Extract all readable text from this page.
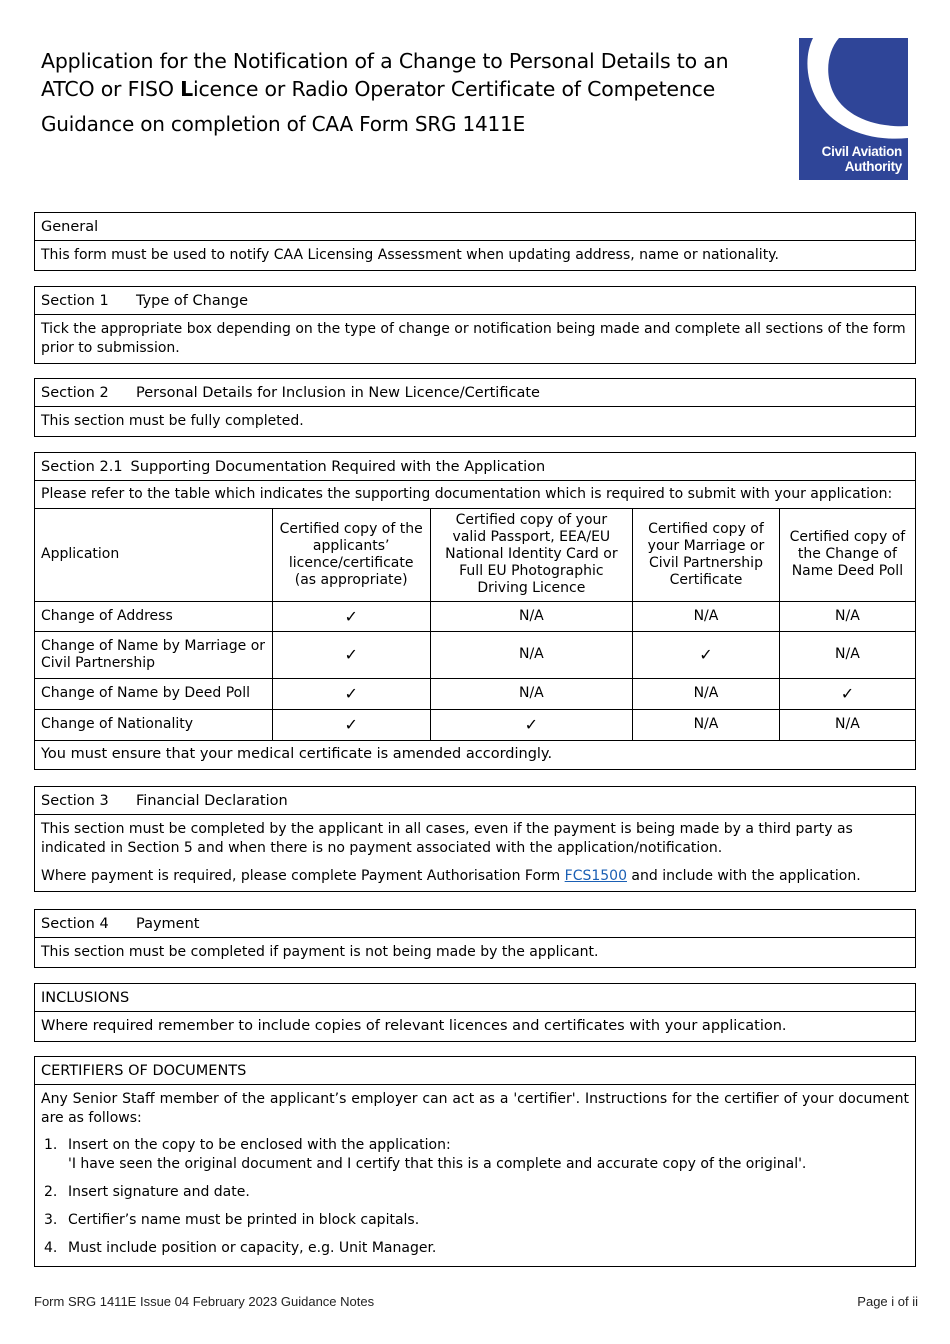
Application for the Notification of a Change to Personal Details to an
ATCO or FISO Licence or Radio Operator Certificate of Competence
Guidance on completion of CAA Form SRG 1411E
Civil Aviation
Authority
General
This form must be used to notify CAA Licensing Assessment when updating address, name or nationality.
Section 1 Type of Change
Tick the appropriate box depending on the type of change or notification being made and complete all sections of the form prior to submission.
Section 2 Personal Details for Inclusion in New Licence/Certificate
This section must be fully completed.
Section 2.1 Supporting Documentation Required with the Application
Please refer to the table which indicates the supporting documentation which is required to submit with your application:
Application	Certified copy of the applicants’ licence/certificate (as appropriate)	Certified copy of your valid Passport, EEA/EU National Identity Card or Full EU Photographic Driving Licence	Certified copy of your Marriage or Civil Partnership Certificate	Certified copy of the Change of Name Deed Poll
Change of Address	✓	N/A	N/A	N/A
Change of Name by Marriage or Civil Partnership	✓	N/A	✓	N/A
Change of Name by Deed Poll	✓	N/A	N/A	✓
Change of Nationality	✓	✓	N/A	N/A
You must ensure that your medical certificate is amended accordingly.				
Section 3 Financial Declaration

This section must be completed by the applicant in all cases, even if the payment is being made by a third party as indicated in Section 5 and when there is no payment associated with the application/notification.

Where payment is required, please complete Payment Authorisation Form FCS1500 and include with the application.

Section 4 Payment
This section must be completed if payment is not being made by the applicant.
INCLUSIONS
Where required remember to include copies of relevant licences and certificates with your application.
CERTIFIERS OF DOCUMENTS

Any Senior Staff member of the applicant’s employer can act as a 'certifier'. Instructions for the certifier of your document are as follows:

1. Insert on the copy to be enclosed with the application:
'I have seen the original document and I certify that this is a complete and accurate copy of the original'.
2. Insert signature and date.
3. Certifier’s name must be printed in block capitals.
4. Must include position or capacity, e.g. Unit Manager.
Form SRG 1411E Issue 04 February 2023 Guidance Notes	Page i of ii
